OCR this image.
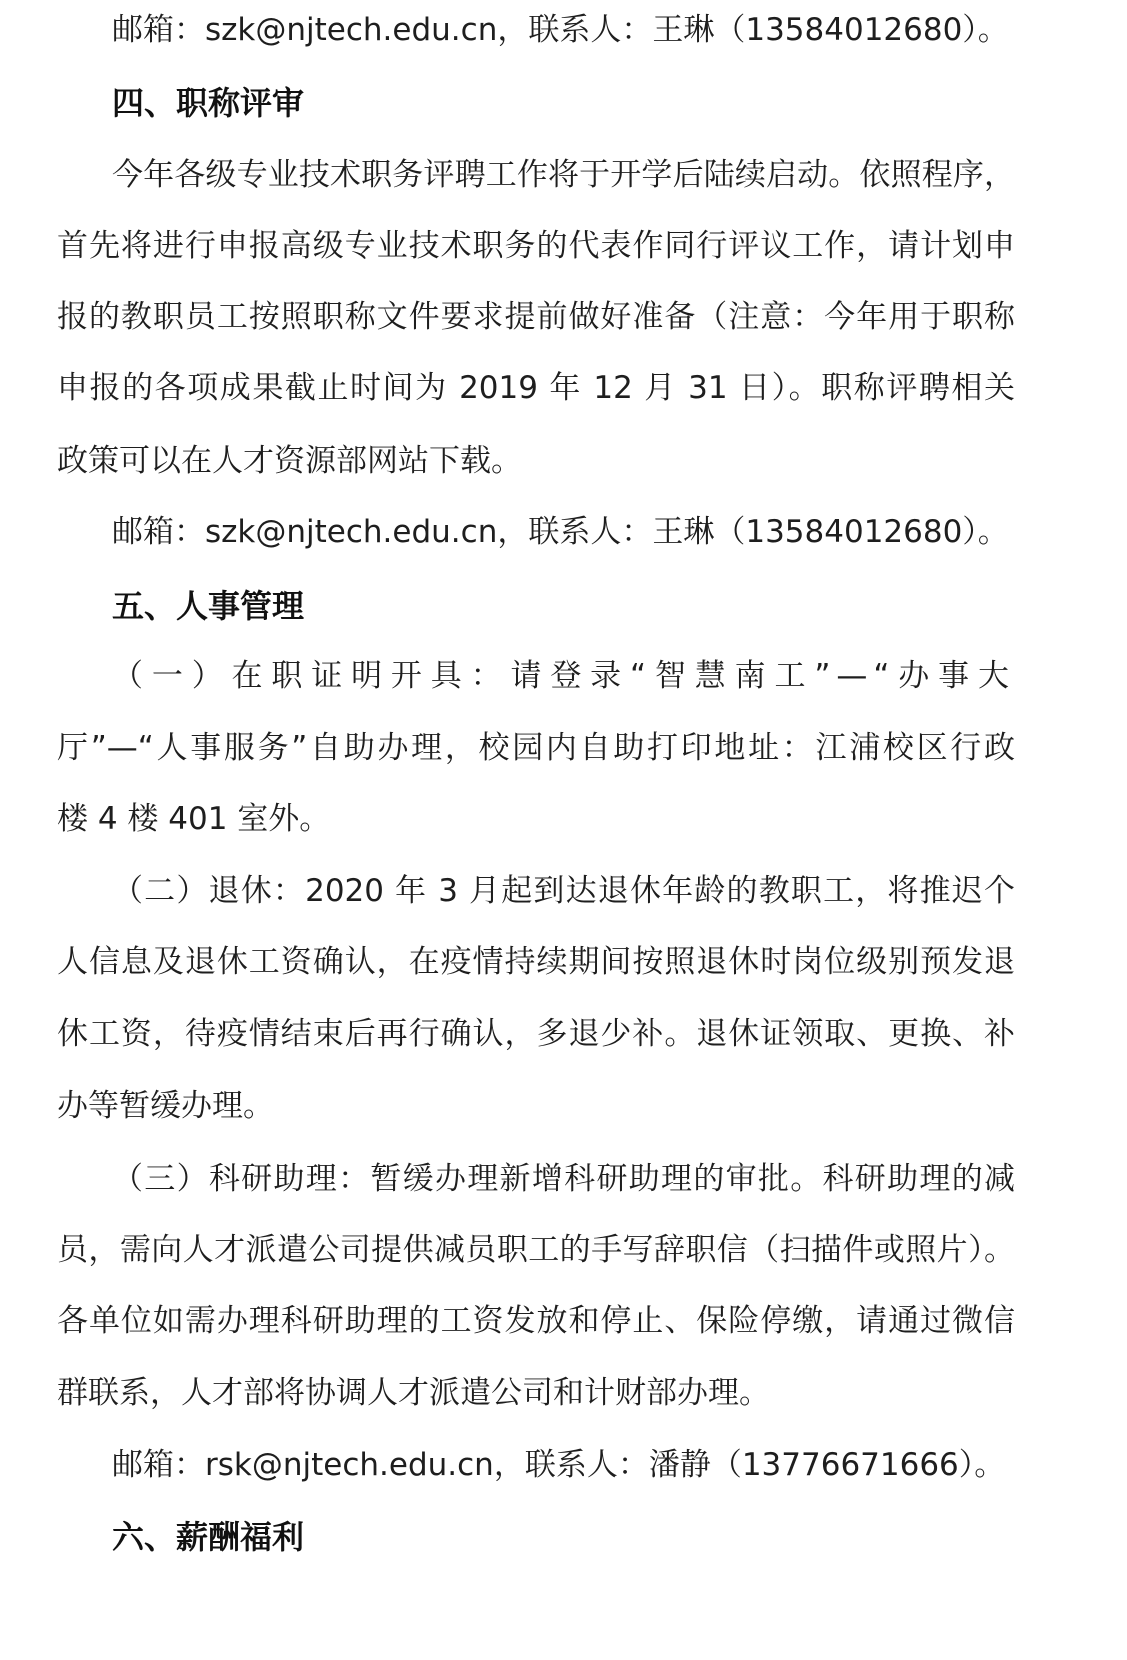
邮箱：szk@njtech.edu.cn，联系人：王琳（13584012680）。
四、职称评审
今年各级专业技术职务评聘工作将于开学后陆续启动。依照程序，
首先将进行申报高级专业技术职务的代表作同行评议工作，请计划申
报的教职员工按照职称文件要求提前做好准备（注意：今年用于职称
申报的各项成果截止时间为 2019 年 12 月 31 日）。职称评聘相关
政策可以在人才资源部网站下载。
邮箱：szk@njtech.edu.cn，联系人：王琳（13584012680）。
五、人事管理
（一）在职证明开具：请登录“智慧南工”—“办事大
厅”—“人事服务”自助办理，校园内自助打印地址：江浦校区行政
楼 4 楼 401 室外。
（二）退休：2020 年 3 月起到达退休年龄的教职工，将推迟个
人信息及退休工资确认，在疫情持续期间按照退休时岗位级别预发退
休工资，待疫情结束后再行确认，多退少补。退休证领取、更换、补
办等暂缓办理。
（三）科研助理：暂缓办理新增科研助理的审批。科研助理的减
员，需向人才派遣公司提供减员职工的手写辞职信（扫描件或照片）。
各单位如需办理科研助理的工资发放和停止、保险停缴，请通过微信
群联系，人才部将协调人才派遣公司和计财部办理。
邮箱：rsk@njtech.edu.cn，联系人：潘静（13776671666）。
六、薪酬福利
